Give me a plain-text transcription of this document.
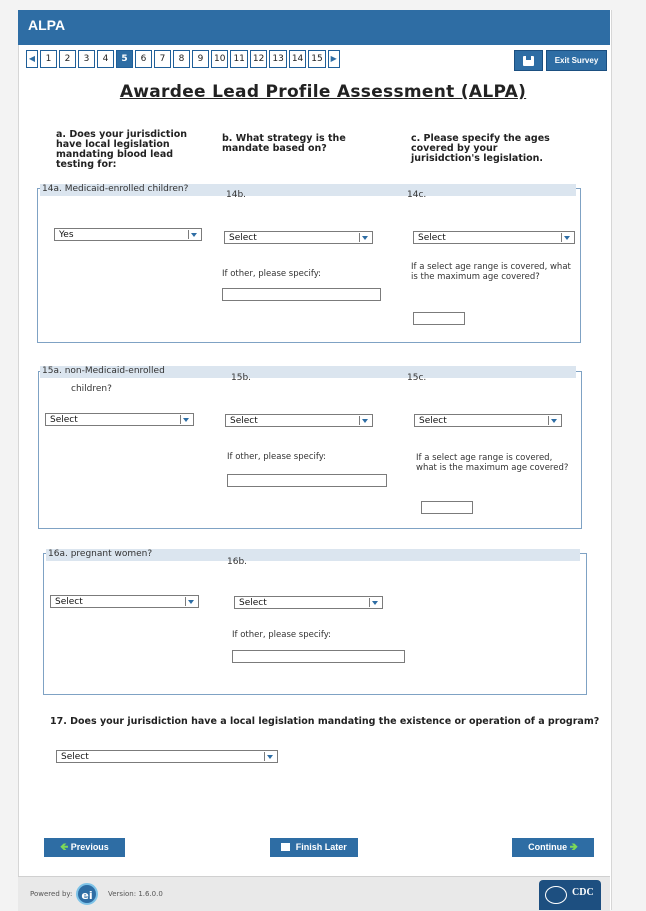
ALPA
◀	1	2	3	4	5	6	7	8	9	10 11 12 13 14 15 ▶	Exit Survey
Awardee Lead Profile Assessment (ALPA)
a. Does your jurisdiction have local legislation mandating blood lead testing for:
b. What strategy is the mandate based on?
c. Please specify the ages covered by your jurisidction's legislation.
14a. Medicaid-enrolled children?
14b.	14c.
Yes	Select	Select
If other, please specify:
If a select age range is covered, what is the maximum age covered?
15a. non-Medicaid-enrolled
children?
15b.	15c.
Select	Select	Select
If other, please specify:	If a select age range is covered, what is the maximum age covered?
16a. pregnant women?
16b.
Select	Select
If other, please specify:
17. Does your jurisdiction have a local legislation mandating the existence or operation of a program?
Select
🡸 Previous	Finish Later	Continue 🡺
Powered by: ei	Version: 1.6.0.0	CDC
